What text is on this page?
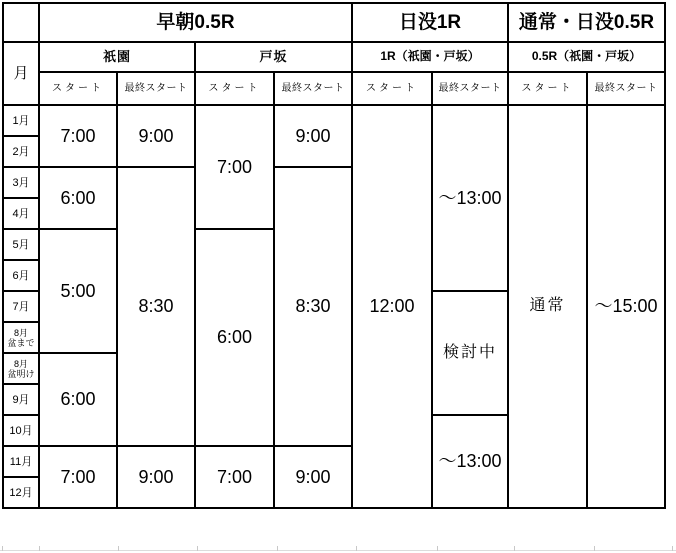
	早朝0.5R				日没1R		通常・日没0.5R	
月	祇園		戸坂		1R（祇園・戸坂）		0.5R（祇園・戸坂）	
	スタート	最終スタート	スタート	最終スタート	スタート	最終スタート	スタート	最終スタート

1月	7:00	9:00	7:00	9:00	12:00	～13:00	通常	～15:00

2月								

3月	6:00	8:30		8:30				

4月								

5月	5:00		6:00					

6月								

7月						検討中		

8月
盆まで								

8月
盆明け	6:00							

9月								

10月						～13:00		

11月	7:00	9:00	7:00	9:00				

12月								
